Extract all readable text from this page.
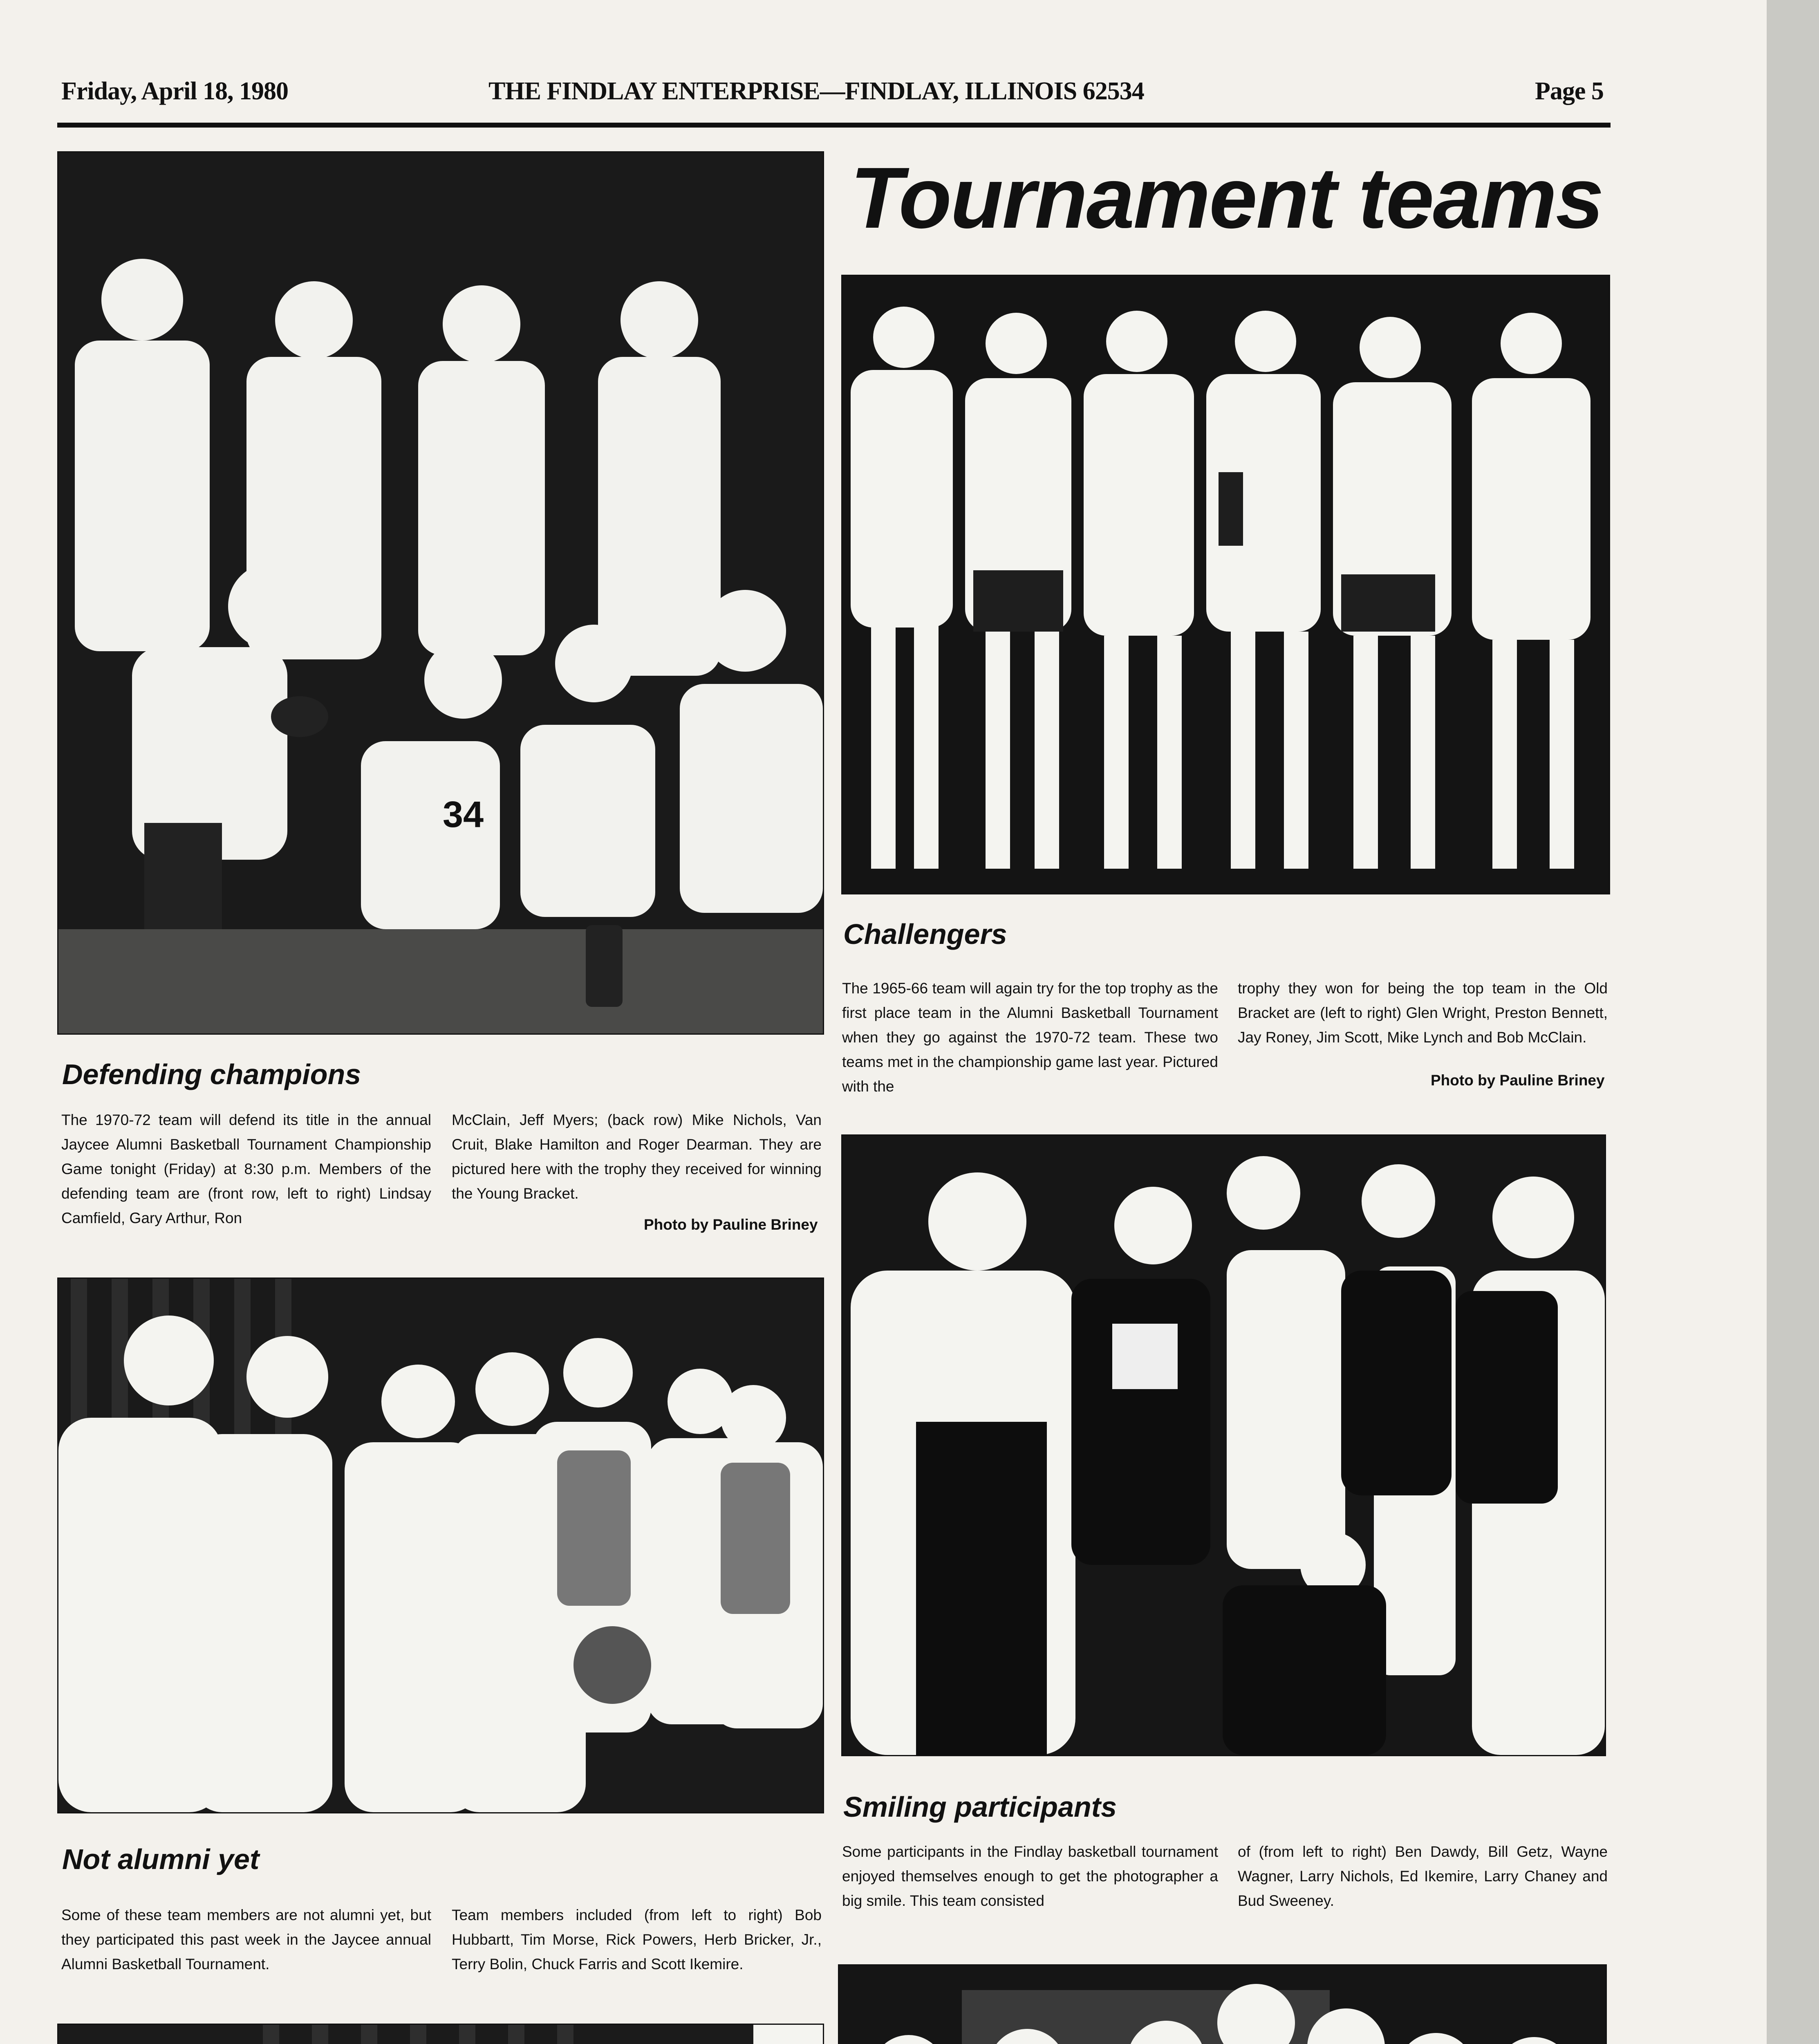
Friday, April 18, 1980	THE FINDLAY ENTERPRISE—FINDLAY, ILLINOIS 62534	Page 5
Tournament teams
34
Defending champions

The 1970-72 team will defend its title in the annual Jaycee Alumni Basketball Tournament Championship Game tonight (Friday) at 8:30 p.m. Members of the defending team are (front row, left to right) Lindsay Camfield, Gary Arthur, Ron

McClain, Jeff Myers; (back row) Mike Nichols, Van Cruit, Blake Hamilton and Roger Dearman. They are pictured here with the trophy they received for winning the Young Bracket.

Photo by Pauline Briney
Challengers

The 1965-66 team will again try for the top trophy as the first place team in the Alumni Basketball Tournament when they go against the 1970-72 team. These two teams met in the championship game last year. Pictured with the

trophy they won for being the top team in the Old Bracket are (left to right) Glen Wright, Preston Bennett, Jay Roney, Jim Scott, Mike Lynch and Bob McClain.

Photo by Pauline Briney
Not alumni yet

Some of these team members are not alumni yet, but they participated this past week in the Jaycee annual Alumni Basketball Tournament.

Team members included (from left to right) Bob Hubbartt, Tim Morse, Rick Powers, Herb Bricker, Jr., Terry Bolin, Chuck Farris and Scott Ikemire.

Smiling participants

Some participants in the Findlay basketball tournament enjoyed themselves enough to get the photographer a big smile. This team consisted

of (from left to right) Ben Dawdy, Bill Getz, Wayne Wagner, Larry Nichols, Ed Ikemire, Larry Chaney and Bud Sweeney.
